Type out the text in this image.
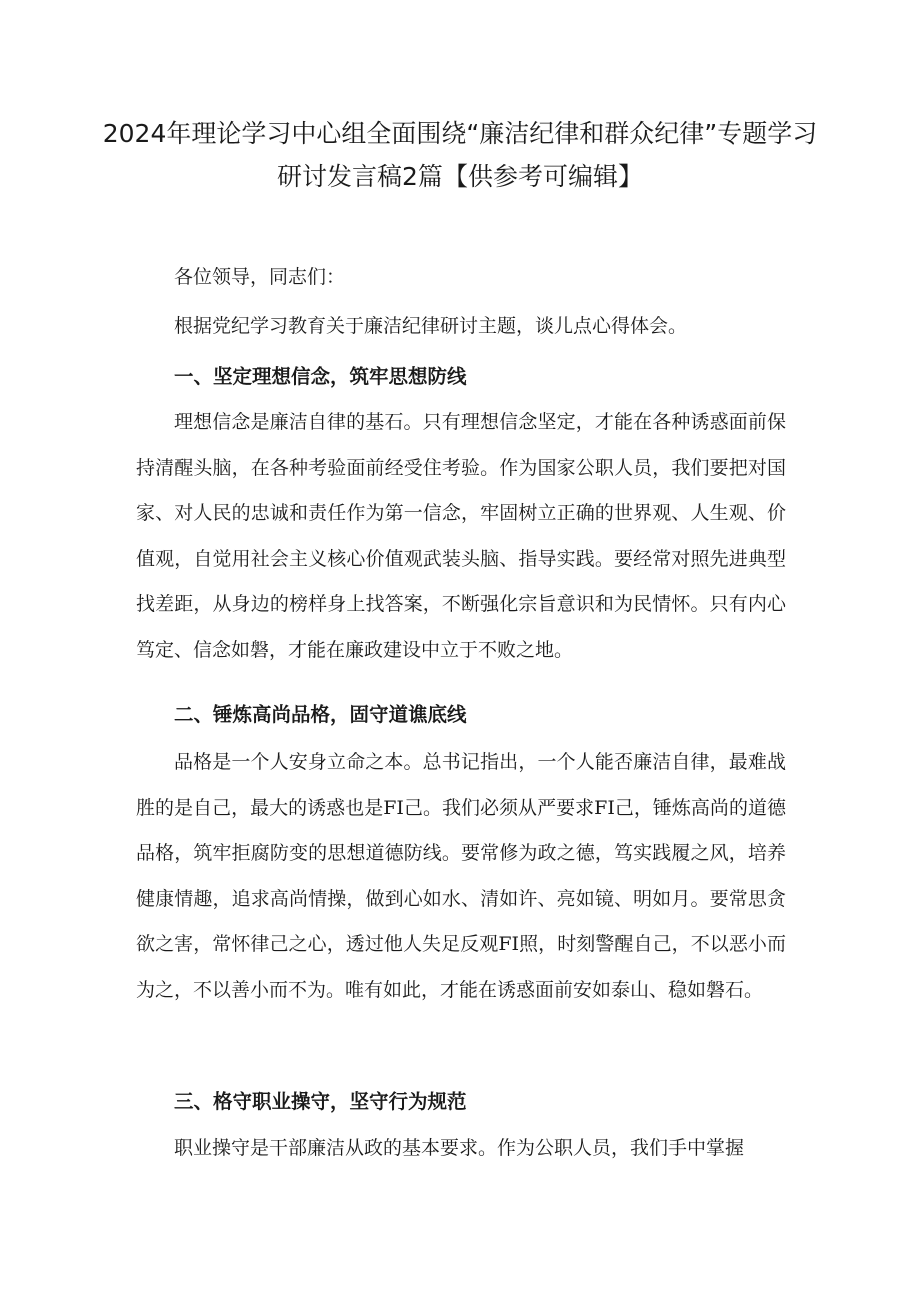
2024年理论学习中心组全面围绕“廉洁纪律和群众纪律”专题学习研讨发言稿2篇【供参考可编辑】

各位领导，同志们：

根据党纪学习教育关于廉洁纪律研讨主题，谈儿点心得体会。

一、坚定理想信念，筑牢思想防线

理想信念是廉洁自律的基石。只有理想信念坚定，才能在各种诱惑面前保持清醒头脑，在各种考验面前经受住考验。作为国家公职人员，我们要把对国家、对人民的忠诚和责任作为第一信念，牢固树立正确的世界观、人生观、价值观，自觉用社会主义核心价值观武装头脑、指导实践。要经常对照先进典型找差距，从身边的榜样身上找答案，不断强化宗旨意识和为民情怀。只有内心笃定、信念如磐，才能在廉政建设中立于不败之地。

二、锤炼高尚品格，固守道谯底线

品格是一个人安身立命之本。总书记指出，一个人能否廉洁自律，最难战胜的是自己，最大的诱惑也是FI己。我们必须从严要求FI己，锤炼高尚的道德品格，筑牢拒腐防变的思想道德防线。要常修为政之德，笃实践履之风，培养健康情趣，追求高尚情操，做到心如水、清如许、亮如镜、明如月。要常思贪欲之害，常怀律己之心，透过他人失足反观FI照，时刻警醒自己，不以恶小而为之，不以善小而不为。唯有如此，才能在诱惑面前安如泰山、稳如磐石。

三、格守职业操守，坚守行为规范

职业操守是干部廉洁从政的基本要求。作为公职人员，我们手中掌握
